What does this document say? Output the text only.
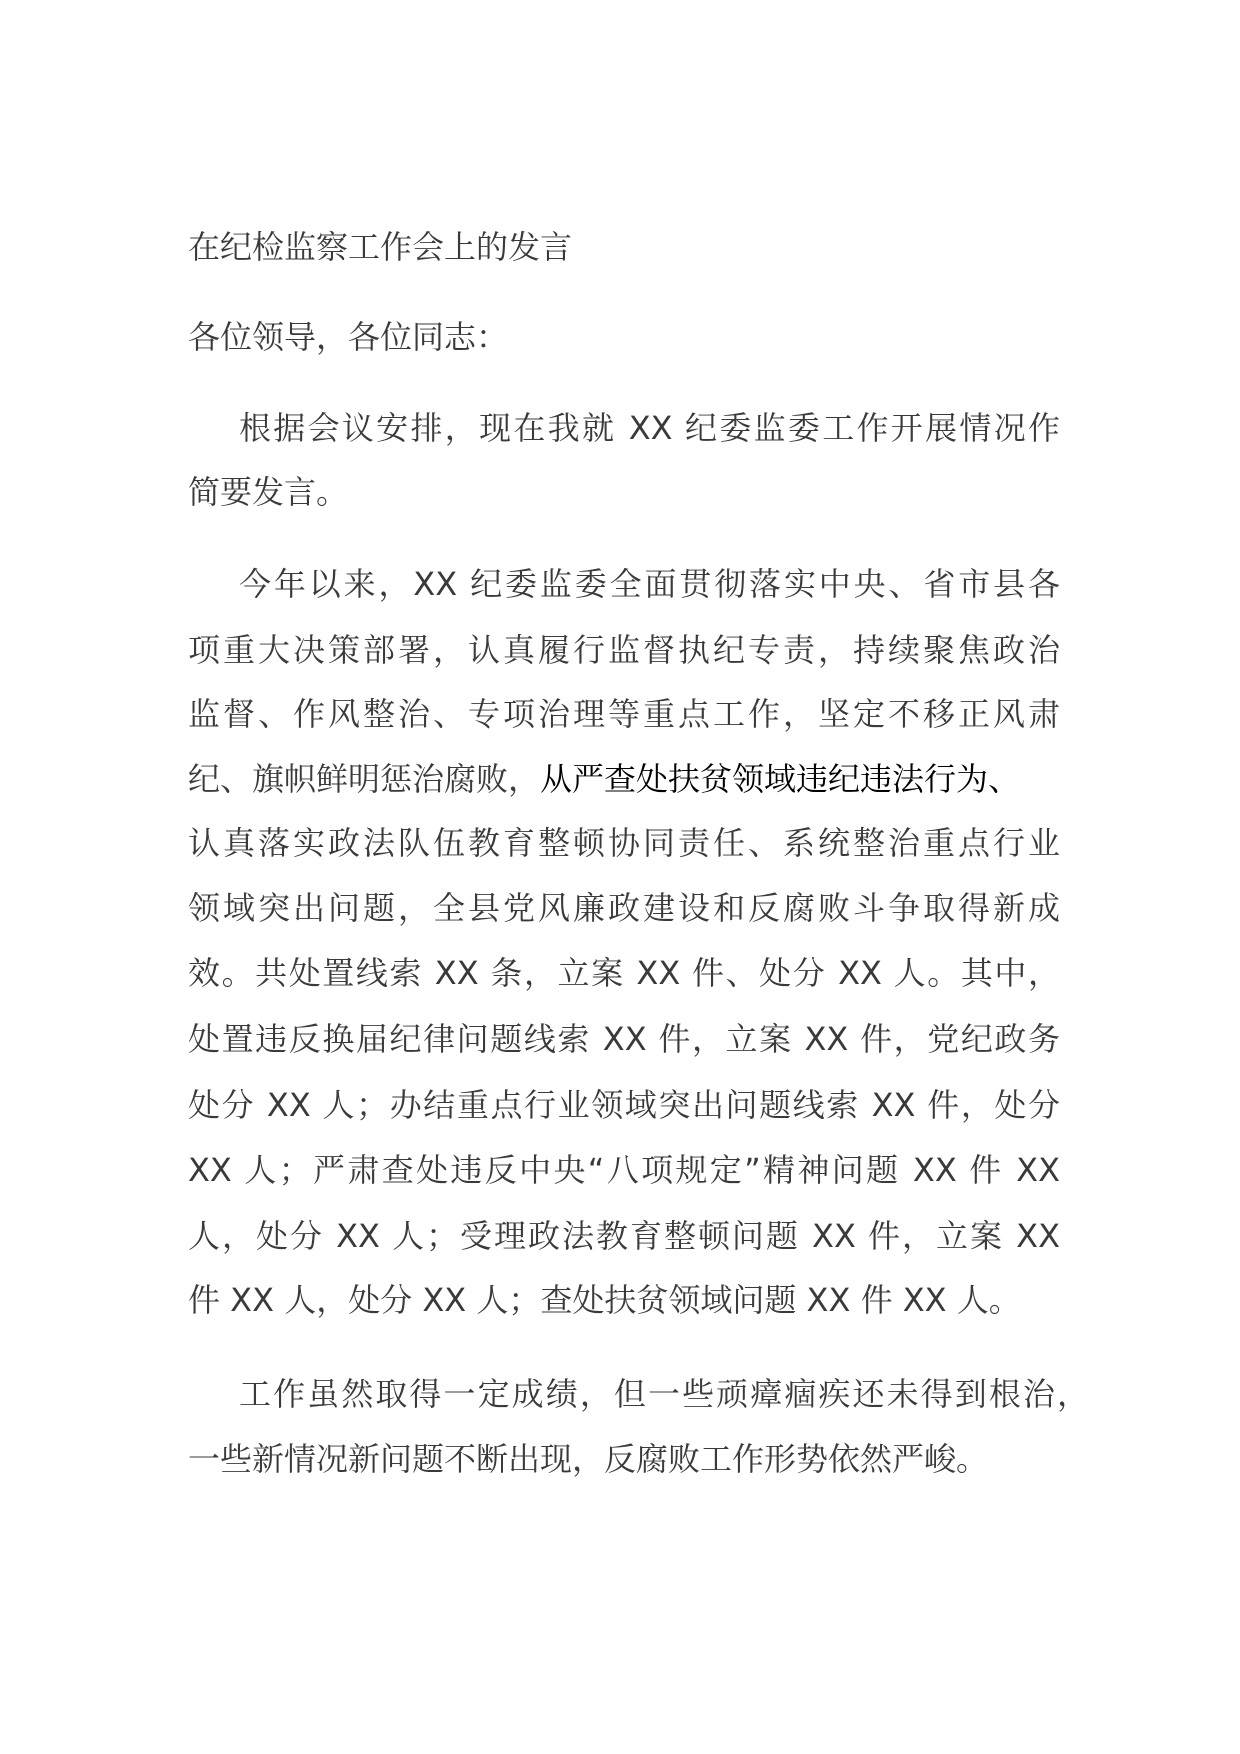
在纪检监察工作会上的发言
各位领导，各位同志：
根据会议安排，现在我就 XX 纪委监委工作开展情况作
简要发言。
今年以来，XX 纪委监委全面贯彻落实中央、省市县各
项重大决策部署，认真履行监督执纪专责，持续聚焦政治
监督、作风整治、专项治理等重点工作，坚定不移正风肃
纪、旗帜鲜明惩治腐败，从严查处扶贫领域违纪违法行为、
认真落实政法队伍教育整顿协同责任、系统整治重点行业
领域突出问题，全县党风廉政建设和反腐败斗争取得新成
效。共处置线索 XX 条，立案 XX 件、处分 XX 人。其中，
处置违反换届纪律问题线索 XX 件，立案 XX 件，党纪政务
处分 XX 人；办结重点行业领域突出问题线索 XX 件，处分
XX 人；严肃查处违反中央“八项规定”精神问题 XX 件 XX
人，处分 XX 人；受理政法教育整顿问题 XX 件，立案 XX
件 XX 人，处分 XX 人；查处扶贫领域问题 XX 件 XX 人。
工作虽然取得一定成绩，但一些顽瘴痼疾还未得到根治，
一些新情况新问题不断出现，反腐败工作形势依然严峻。
